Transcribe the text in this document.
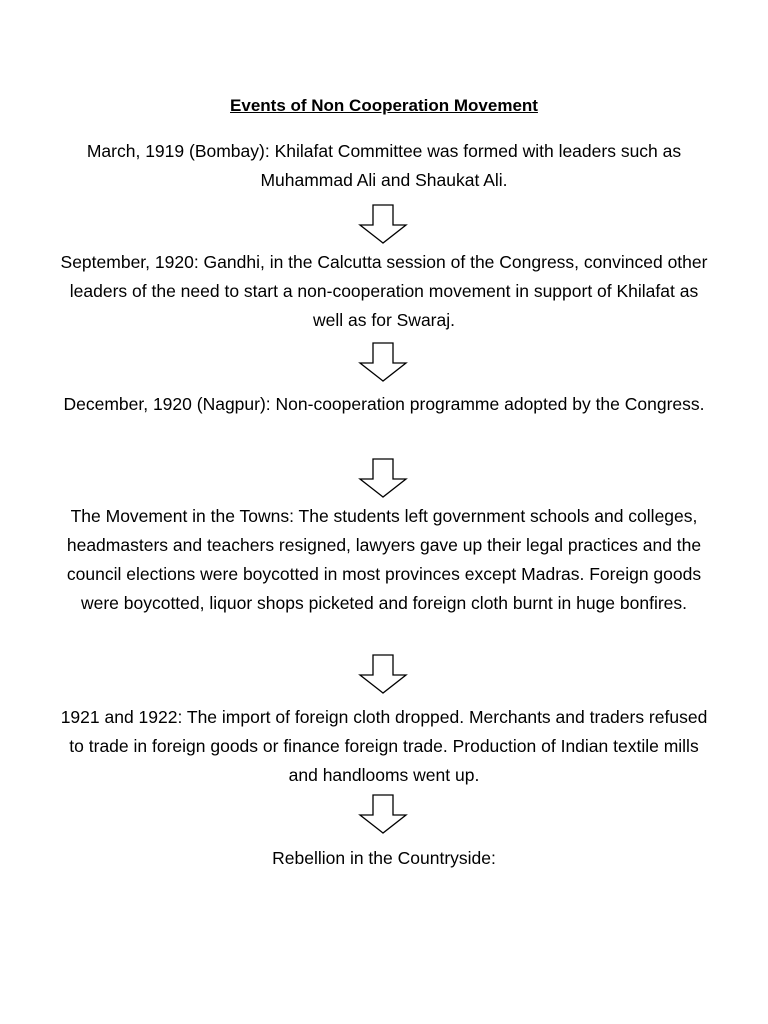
Events of Non Cooperation Movement

March, 1919 (Bombay): Khilafat Committee was formed with leaders such as Muhammad Ali and Shaukat Ali.

September, 1920: Gandhi, in the Calcutta session of the Congress, convinced other leaders of the need to start a non-cooperation movement in support of Khilafat as well as for Swaraj.

December, 1920 (Nagpur): Non-cooperation programme adopted by the Congress.

The Movement in the Towns: The students left government schools and colleges, headmasters and teachers resigned, lawyers gave up their legal practices and the council elections were boycotted in most provinces except Madras. Foreign goods were boycotted, liquor shops picketed and foreign cloth burnt in huge bonfires.

1921 and 1922: The import of foreign cloth dropped. Merchants and traders refused to trade in foreign goods or finance foreign trade. Production of Indian textile mills and handlooms went up.

Rebellion in the Countryside:
